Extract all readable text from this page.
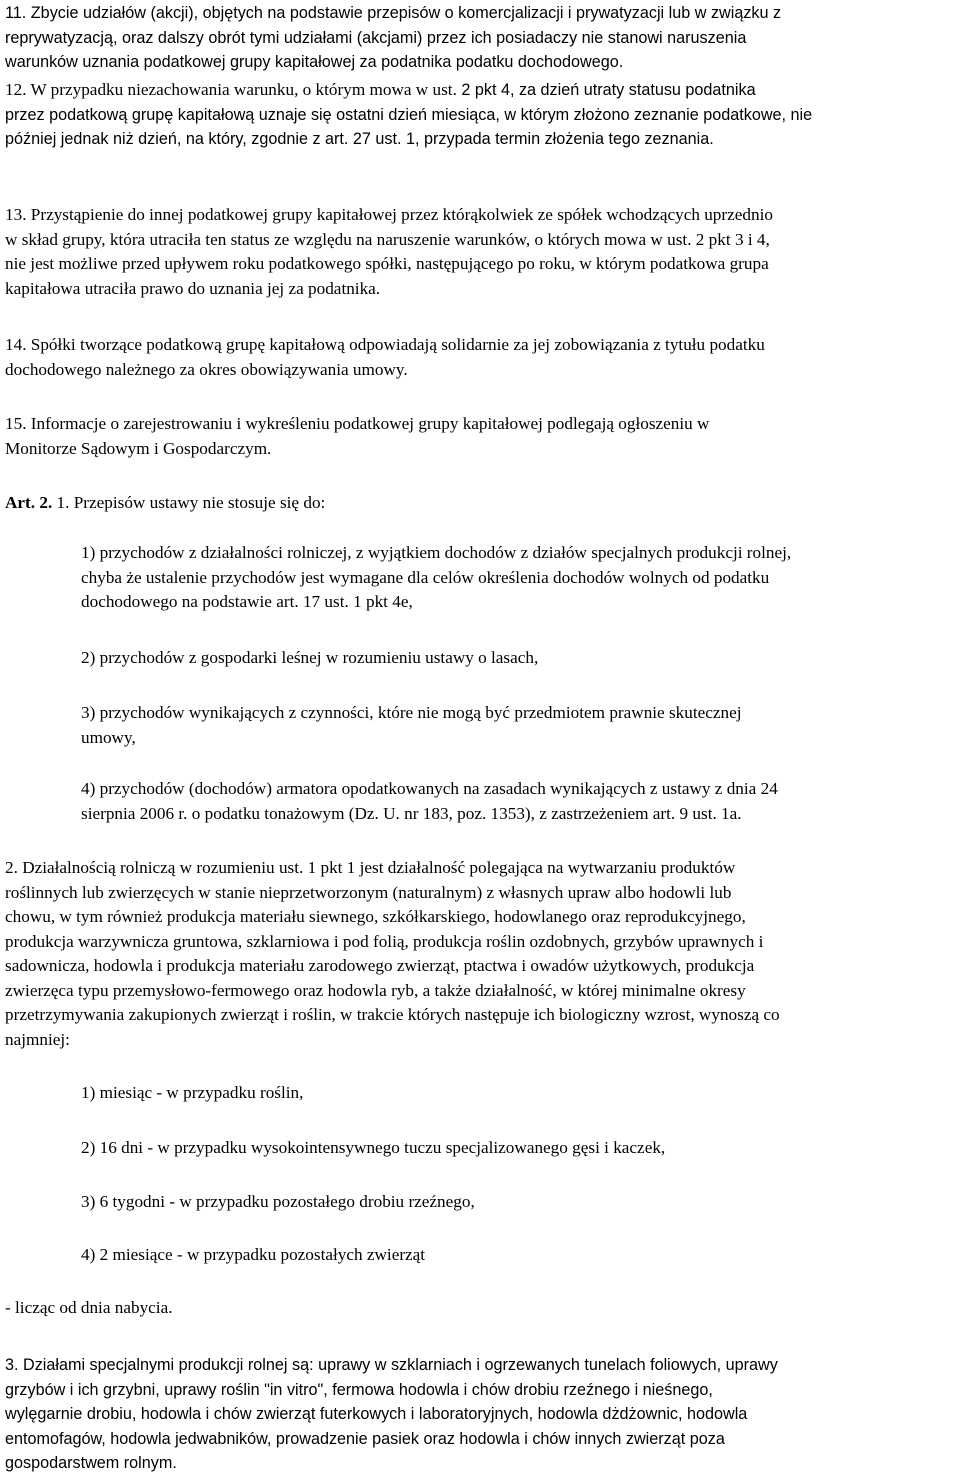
11. Zbycie udziałów (akcji), objętych na podstawie przepisów o komercjalizacji i prywatyzacji lub w związku z
reprywatyzacją, oraz dalszy obrót tymi udziałami (akcjami) przez ich posiadaczy nie stanowi naruszenia
warunków uznania podatkowej grupy kapitałowej za podatnika podatku dochodowego.

12. W przypadku niezachowania warunku, o którym mowa w ust. 2 pkt 4, za dzień utraty statusu podatnika
przez podatkową grupę kapitałową uznaje się ostatni dzień miesiąca, w którym złożono zeznanie podatkowe, nie
później jednak niż dzień, na który, zgodnie z art. 27 ust. 1, przypada termin złożenia tego zeznania.

13. Przystąpienie do innej podatkowej grupy kapitałowej przez którąkolwiek ze spółek wchodzących uprzednio
w skład grupy, która utraciła ten status ze względu na naruszenie warunków, o których mowa w ust. 2 pkt 3 i 4,
nie jest możliwe przed upływem roku podatkowego spółki, następującego po roku, w którym podatkowa grupa
kapitałowa utraciła prawo do uznania jej za podatnika.

14. Spółki tworzące podatkową grupę kapitałową odpowiadają solidarnie za jej zobowiązania z tytułu podatku
dochodowego należnego za okres obowiązywania umowy.

15. Informacje o zarejestrowaniu i wykreśleniu podatkowej grupy kapitałowej podlegają ogłoszeniu w
Monitorze Sądowym i Gospodarczym.

Art. 2. 1. Przepisów ustawy nie stosuje się do:

1) przychodów z działalności rolniczej, z wyjątkiem dochodów z działów specjalnych produkcji rolnej,
chyba że ustalenie przychodów jest wymagane dla celów określenia dochodów wolnych od podatku
dochodowego na podstawie art. 17 ust. 1 pkt 4e,

2) przychodów z gospodarki leśnej w rozumieniu ustawy o lasach,

3) przychodów wynikających z czynności, które nie mogą być przedmiotem prawnie skutecznej
umowy,

4) przychodów (dochodów) armatora opodatkowanych na zasadach wynikających z ustawy z dnia 24
sierpnia 2006 r. o podatku tonażowym (Dz. U. nr 183, poz. 1353), z zastrzeżeniem art. 9 ust. 1a.

2. Działalnością rolniczą w rozumieniu ust. 1 pkt 1 jest działalność polegająca na wytwarzaniu produktów
roślinnych lub zwierzęcych w stanie nieprzetworzonym (naturalnym) z własnych upraw albo hodowli lub
chowu, w tym również produkcja materiału siewnego, szkółkarskiego, hodowlanego oraz reprodukcyjnego,
produkcja warzywnicza gruntowa, szklarniowa i pod folią, produkcja roślin ozdobnych, grzybów uprawnych i
sadownicza, hodowla i produkcja materiału zarodowego zwierząt, ptactwa i owadów użytkowych, produkcja
zwierzęca typu przemysłowo-fermowego oraz hodowla ryb, a także działalność, w której minimalne okresy
przetrzymywania zakupionych zwierząt i roślin, w trakcie których następuje ich biologiczny wzrost, wynoszą co
najmniej:

1) miesiąc - w przypadku roślin,

2) 16 dni - w przypadku wysokointensywnego tuczu specjalizowanego gęsi i kaczek,

3) 6 tygodni - w przypadku pozostałego drobiu rzeźnego,

4) 2 miesiące - w przypadku pozostałych zwierząt

- licząc od dnia nabycia.

3. Działami specjalnymi produkcji rolnej są: uprawy w szklarniach i ogrzewanych tunelach foliowych, uprawy
grzybów i ich grzybni, uprawy roślin "in vitro", fermowa hodowla i chów drobiu rzeźnego i nieśnego,
wylęgarnie drobiu, hodowla i chów zwierząt futerkowych i laboratoryjnych, hodowla dżdżownic, hodowla
entomofagów, hodowla jedwabników, prowadzenie pasiek oraz hodowla i chów innych zwierząt poza
gospodarstwem rolnym.
